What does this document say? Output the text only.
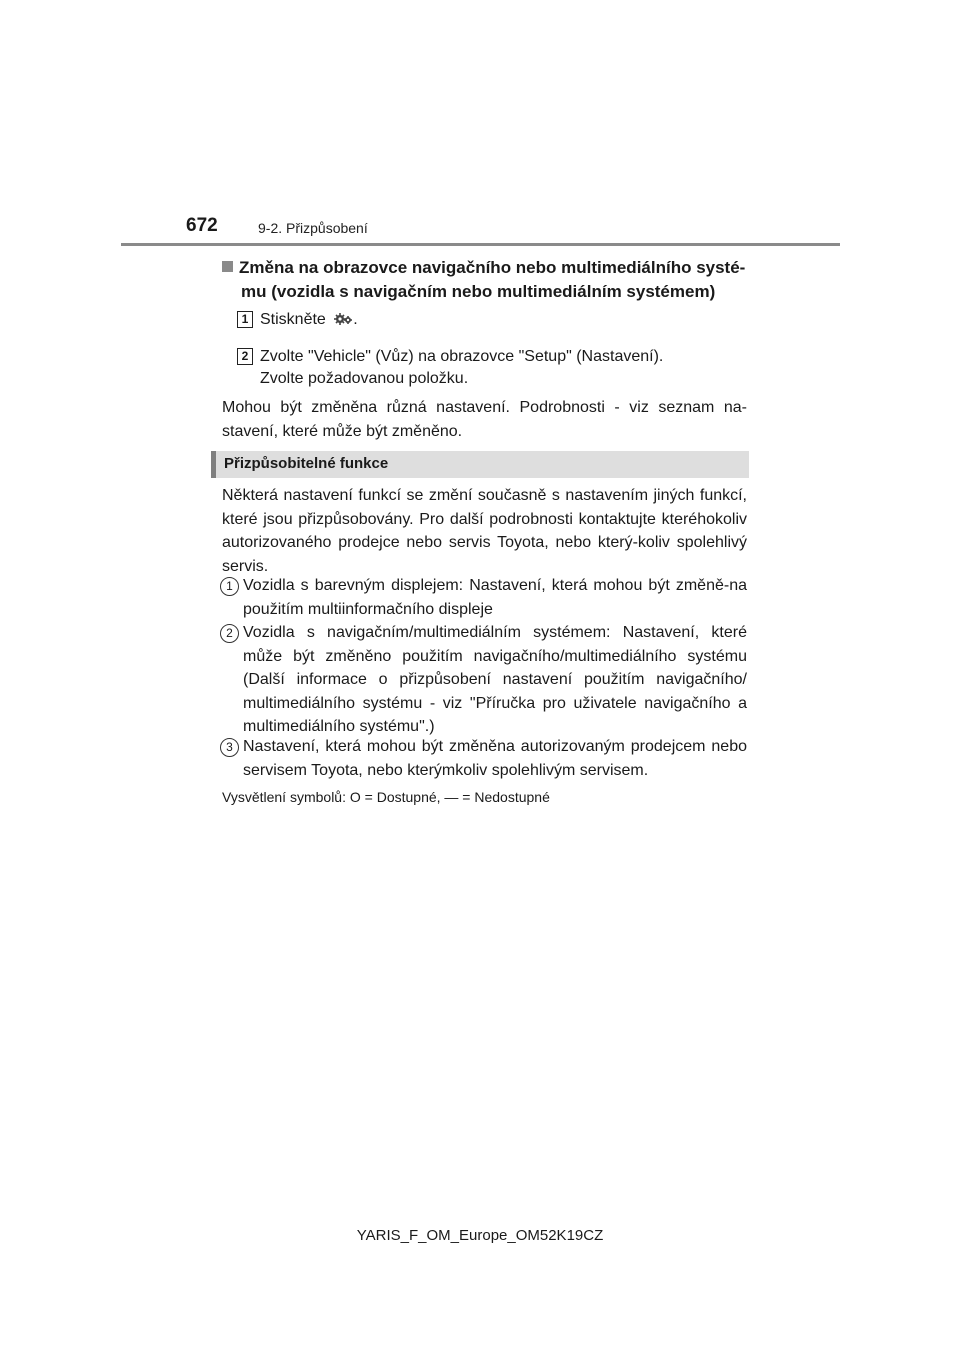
672	9-2. Přizpůsobení
Změna na obrazovce navigačního nebo multimediálního systé-
mu (vozidla s navigačním nebo multimediálním systémem)
1 Stiskněte .
2 Zvolte "Vehicle" (Vůz) na obrazovce "Setup" (Nastavení).
Zvolte požadovanou položku.
Mohou být změněna různá nastavení. Podrobnosti - viz seznam na-stavení, které může být změněno.
Přizpůsobitelné funkce
Některá nastavení funkcí se změní současně s nastavením jiných funkcí, které jsou přizpůsobovány. Pro další podrobnosti kontaktujte kteréhokoliv autorizovaného prodejce nebo servis Toyota, nebo který-koliv spolehlivý servis.
1 Vozidla s barevným displejem: Nastavení, která mohou být změně-na použitím multiinformačního displeje
2 Vozidla s navigačním/multimediálním systémem: Nastavení, které může být změněno použitím navigačního/multimediálního systému (Další informace o přizpůsobení nastavení použitím navigačního/ multimediálního systému - viz "Příručka pro uživatele navigačního a multimediálního systému".)
3 Nastavení, která mohou být změněna autorizovaným prodejcem nebo servisem Toyota, nebo kterýmkoliv spolehlivým servisem.
Vysvětlení symbolů: O = Dostupné, — = Nedostupné
YARIS_F_OM_Europe_OM52K19CZ
